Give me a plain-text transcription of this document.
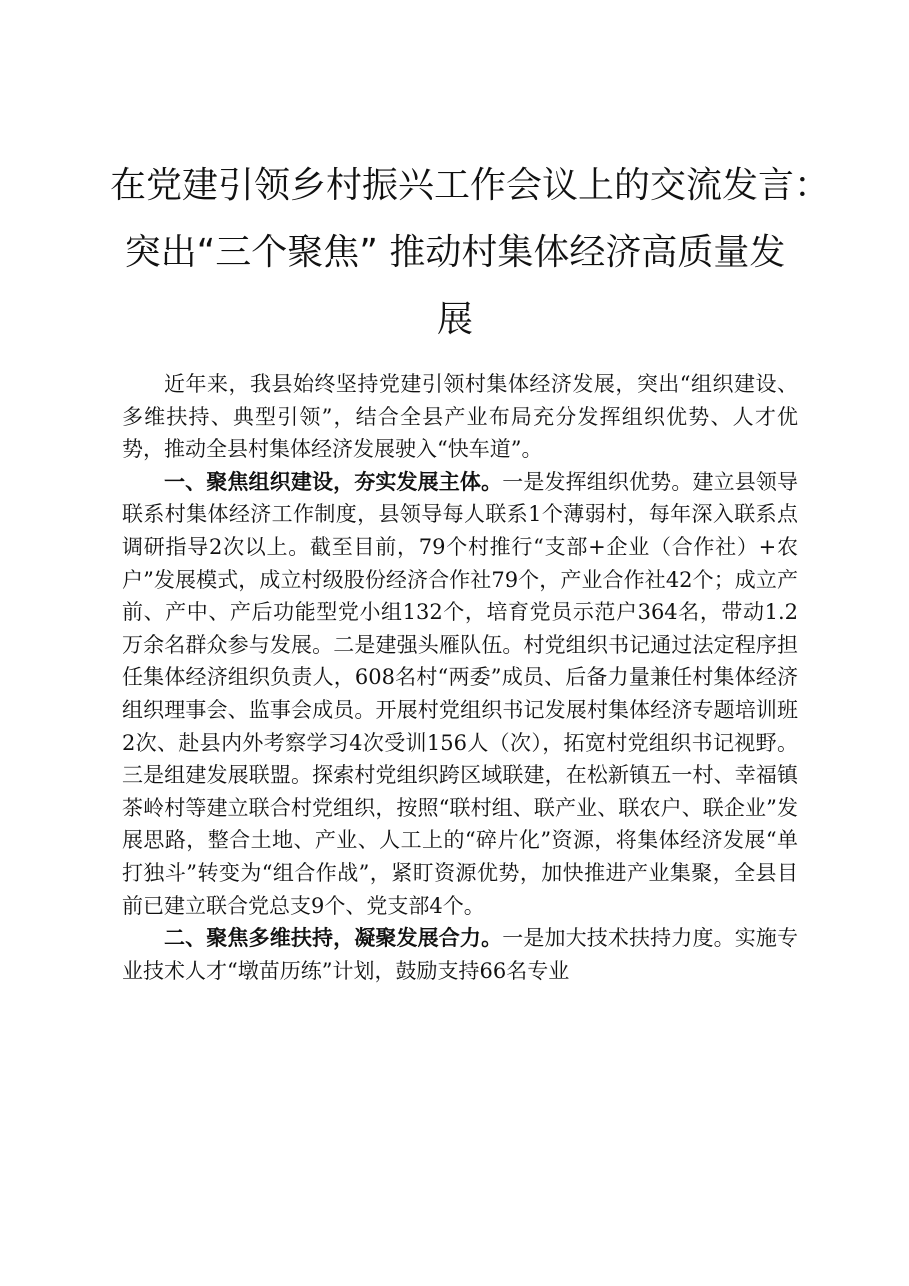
在党建引领乡村振兴工作会议上的交流发言：
突出“三个聚焦” 推动村集体经济高质量发
展

近年来，我县始终坚持党建引领村集体经济发展，突出“组织建设、多维扶持、典型引领”，结合全县产业布局充分发挥组织优势、人才优势，推动全县村集体经济发展驶入“快车道”。

一、聚焦组织建设，夯实发展主体。一是发挥组织优势。建立县领导联系村集体经济工作制度，县领导每人联系1个薄弱村，每年深入联系点调研指导2次以上。截至目前，79个村推行“支部+企业（合作社）+农户”发展模式，成立村级股份经济合作社79个，产业合作社42个；成立产前、产中、产后功能型党小组132个，培育党员示范户364名，带动1.2万余名群众参与发展。二是建强头雁队伍。村党组织书记通过法定程序担任集体经济组织负责人，608名村“两委”成员、后备力量兼任村集体经济组织理事会、监事会成员。开展村党组织书记发展村集体经济专题培训班2次、赴县内外考察学习4次受训156人（次），拓宽村党组织书记视野。三是组建发展联盟。探索村党组织跨区域联建，在松新镇五一村、幸福镇茶岭村等建立联合村党组织，按照“联村组、联产业、联农户、联企业”发展思路，整合土地、产业、人工上的“碎片化”资源，将集体经济发展“单打独斗”转变为“组合作战”，紧盯资源优势，加快推进产业集聚，全县目前已建立联合党总支9个、党支部4个。

二、聚焦多维扶持，凝聚发展合力。一是加大技术扶持力度。实施专业技术人才“墩苗历练”计划，鼓励支持66名专业
